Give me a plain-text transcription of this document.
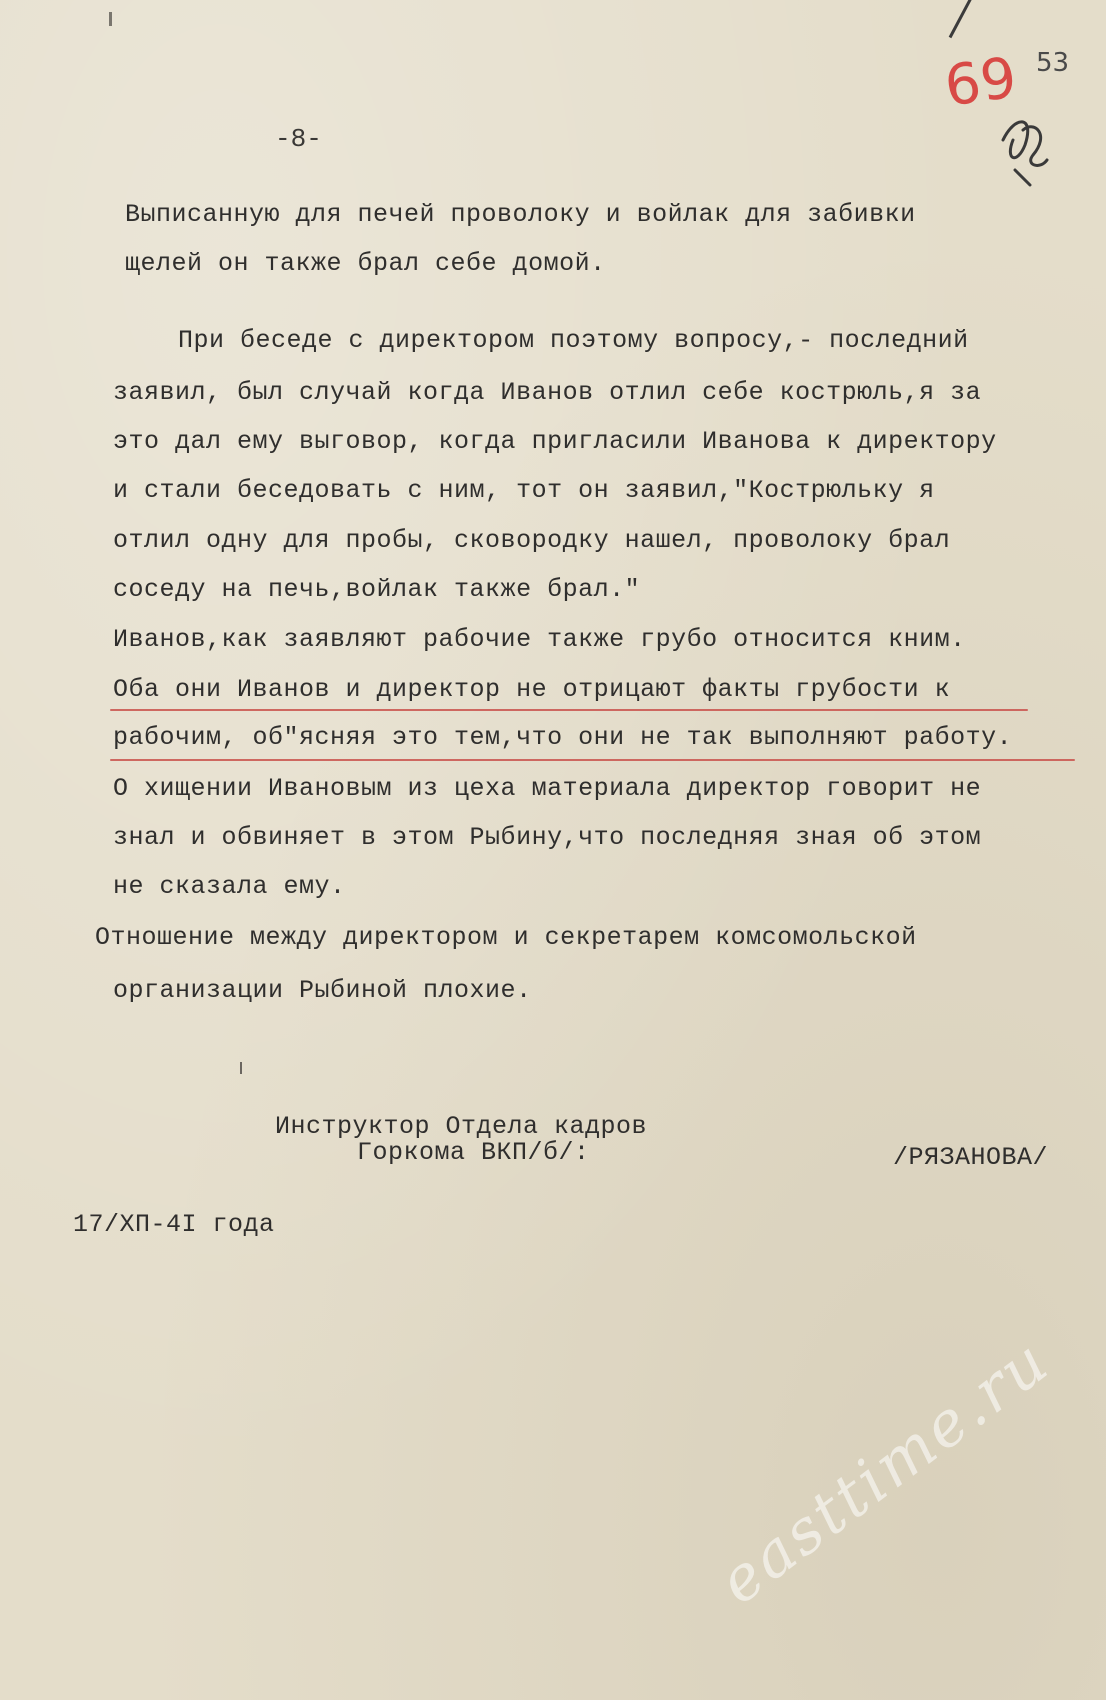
69 53
-8-

Выписанную для печей проволоку и войлак для забивки

щелей он также брал себе домой.

При беседе с директором поэтому вопросу,- последний

заявил, был случай когда Иванов отлил себе кострюль,я за

это дал ему выговор, когда пригласили Иванова к директору

и стали беседовать с ним, тот он заявил,"Кострюльку я

отлил одну для пробы, сковородку нашел, проволоку брал

соседу на печь,войлак также брал."

Иванов,как заявляют рабочие также грубо относится кним.

Оба они Иванов и директор не отрицают факты грубости к

рабочим, об"ясняя это тем,что они не так выполняют работу.

О хищении Ивановым из цеха материала директор говорит не

знал и обвиняет в этом Рыбину,что последняя зная об этом

не сказала ему.

Отношение между директором и секретарем комсомольской

организации Рыбиной плохие.

Инструктор Отдела кадров

Горкома ВКП/б/:	/РЯЗАНОВА/

17/ХП-4I года

easttime.ru
